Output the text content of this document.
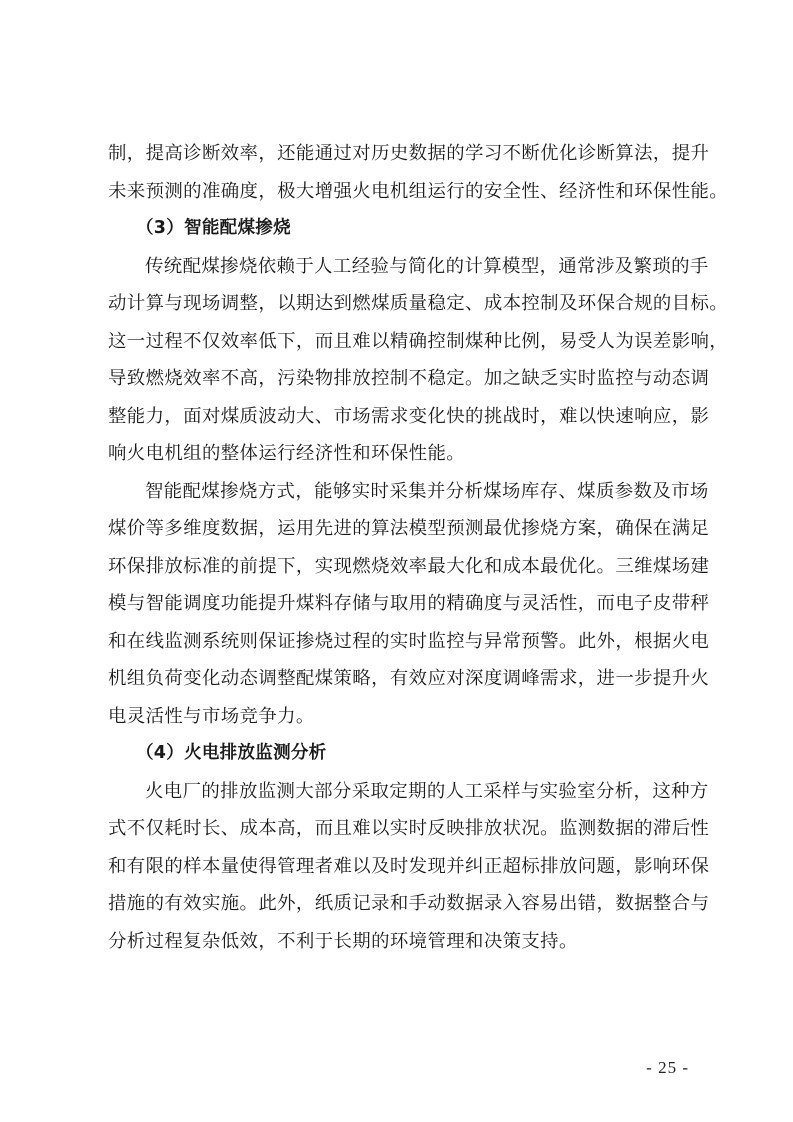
制，提高诊断效率，还能通过对历史数据的学习不断优化诊断算法，提升
未来预测的准确度，极大增强火电机组运行的安全性、经济性和环保性能。

（3）智能配煤掺烧

传统配煤掺烧依赖于人工经验与简化的计算模型，通常涉及繁琐的手
动计算与现场调整，以期达到燃煤质量稳定、成本控制及环保合规的目标。
这一过程不仅效率低下，而且难以精确控制煤种比例，易受人为误差影响，
导致燃烧效率不高，污染物排放控制不稳定。加之缺乏实时监控与动态调
整能力，面对煤质波动大、市场需求变化快的挑战时，难以快速响应，影
响火电机组的整体运行经济性和环保性能。

智能配煤掺烧方式，能够实时采集并分析煤场库存、煤质参数及市场
煤价等多维度数据，运用先进的算法模型预测最优掺烧方案，确保在满足
环保排放标准的前提下，实现燃烧效率最大化和成本最优化。三维煤场建
模与智能调度功能提升煤料存储与取用的精确度与灵活性，而电子皮带秤
和在线监测系统则保证掺烧过程的实时监控与异常预警。此外，根据火电
机组负荷变化动态调整配煤策略，有效应对深度调峰需求，进一步提升火
电灵活性与市场竞争力。

（4）火电排放监测分析

火电厂的排放监测大部分采取定期的人工采样与实验室分析，这种方
式不仅耗时长、成本高，而且难以实时反映排放状况。监测数据的滞后性
和有限的样本量使得管理者难以及时发现并纠正超标排放问题，影响环保
措施的有效实施。此外，纸质记录和手动数据录入容易出错，数据整合与
分析过程复杂低效，不利于长期的环境管理和决策支持。

- 25 -
